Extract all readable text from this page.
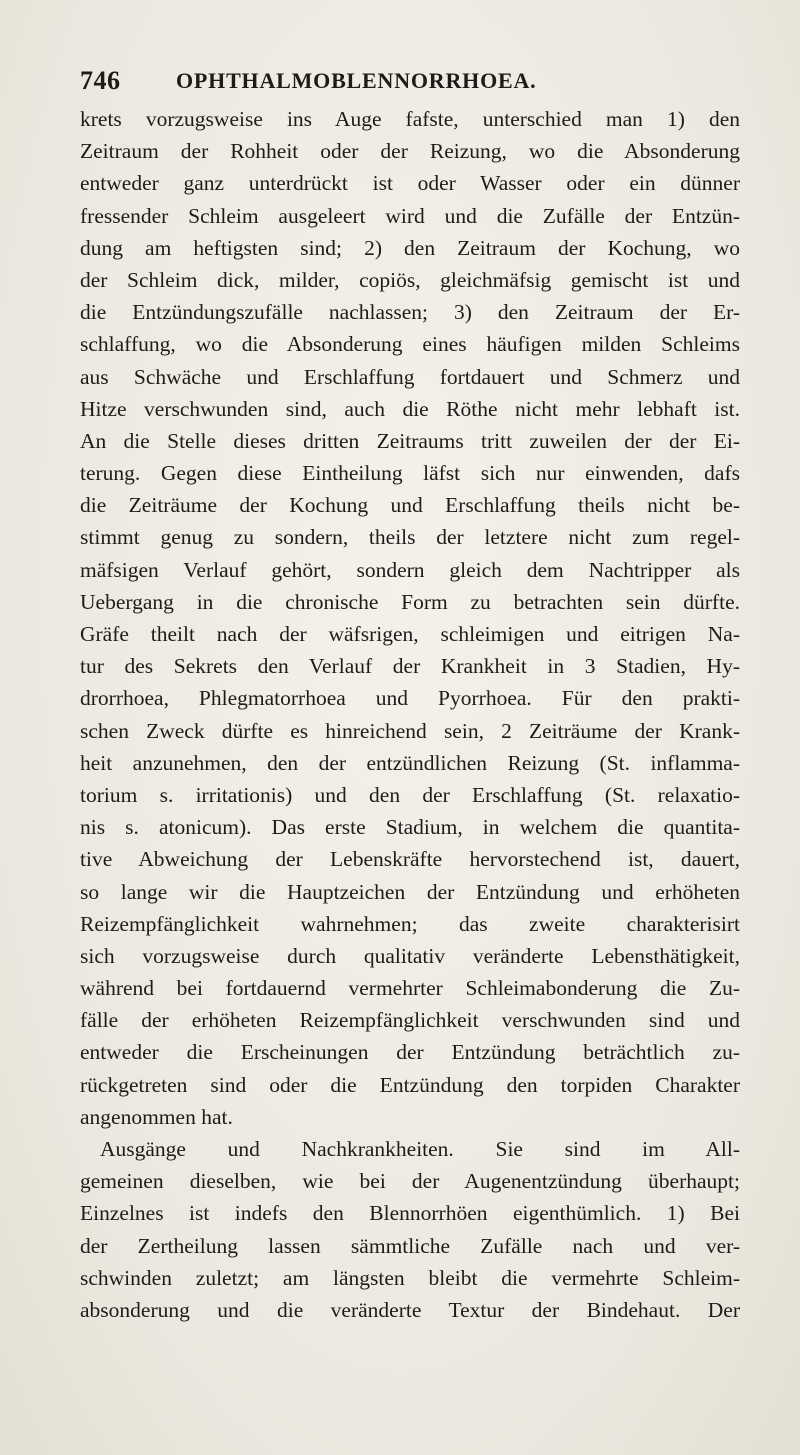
746	OPHTHALMOBLENNORRHOEA.
krets vorzugsweise ins Auge fafste, unterschied man 1) den
Zeitraum der Rohheit oder der Reizung, wo die Absonderung
entweder ganz unterdrückt ist oder Wasser oder ein dünner
fressender Schleim ausgeleert wird und die Zufälle der Entzün-
dung am heftigsten sind; 2) den Zeitraum der Kochung, wo
der Schleim dick, milder, copiös, gleichmäfsig gemischt ist und
die Entzündungszufälle nachlassen; 3) den Zeitraum der Er-
schlaffung, wo die Absonderung eines häufigen milden Schleims
aus Schwäche und Erschlaffung fortdauert und Schmerz und
Hitze verschwunden sind, auch die Röthe nicht mehr lebhaft ist.
An die Stelle dieses dritten Zeitraums tritt zuweilen der der Ei-
terung. Gegen diese Eintheilung läfst sich nur einwenden, dafs
die Zeiträume der Kochung und Erschlaffung theils nicht be-
stimmt genug zu sondern, theils der letztere nicht zum regel-
mäfsigen Verlauf gehört, sondern gleich dem Nachtripper als
Uebergang in die chronische Form zu betrachten sein dürfte.
Gräfe theilt nach der wäfsrigen, schleimigen und eitrigen Na-
tur des Sekrets den Verlauf der Krankheit in 3 Stadien, Hy-
drorrhoea, Phlegmatorrhoea und Pyorrhoea. Für den prakti-
schen Zweck dürfte es hinreichend sein, 2 Zeiträume der Krank-
heit anzunehmen, den der entzündlichen Reizung (St. inflamma-
torium s. irritationis) und den der Erschlaffung (St. relaxatio-
nis s. atonicum). Das erste Stadium, in welchem die quantita-
tive Abweichung der Lebenskräfte hervorstechend ist, dauert,
so lange wir die Hauptzeichen der Entzündung und erhöheten
Reizempfänglichkeit wahrnehmen; das zweite charakterisirt
sich vorzugsweise durch qualitativ veränderte Lebensthätigkeit,
während bei fortdauernd vermehrter Schleimabonderung die Zu-
fälle der erhöheten Reizempfänglichkeit verschwunden sind und
entweder die Erscheinungen der Entzündung beträchtlich zu-
rückgetreten sind oder die Entzündung den torpiden Charakter
angenommen hat.
Ausgänge und Nachkrankheiten. Sie sind im All-
gemeinen dieselben, wie bei der Augenentzündung überhaupt;
Einzelnes ist indefs den Blennorrhöen eigenthümlich. 1) Bei
der Zertheilung lassen sämmtliche Zufälle nach und ver-
schwinden zuletzt; am längsten bleibt die vermehrte Schleim-
absonderung und die veränderte Textur der Bindehaut. Der
